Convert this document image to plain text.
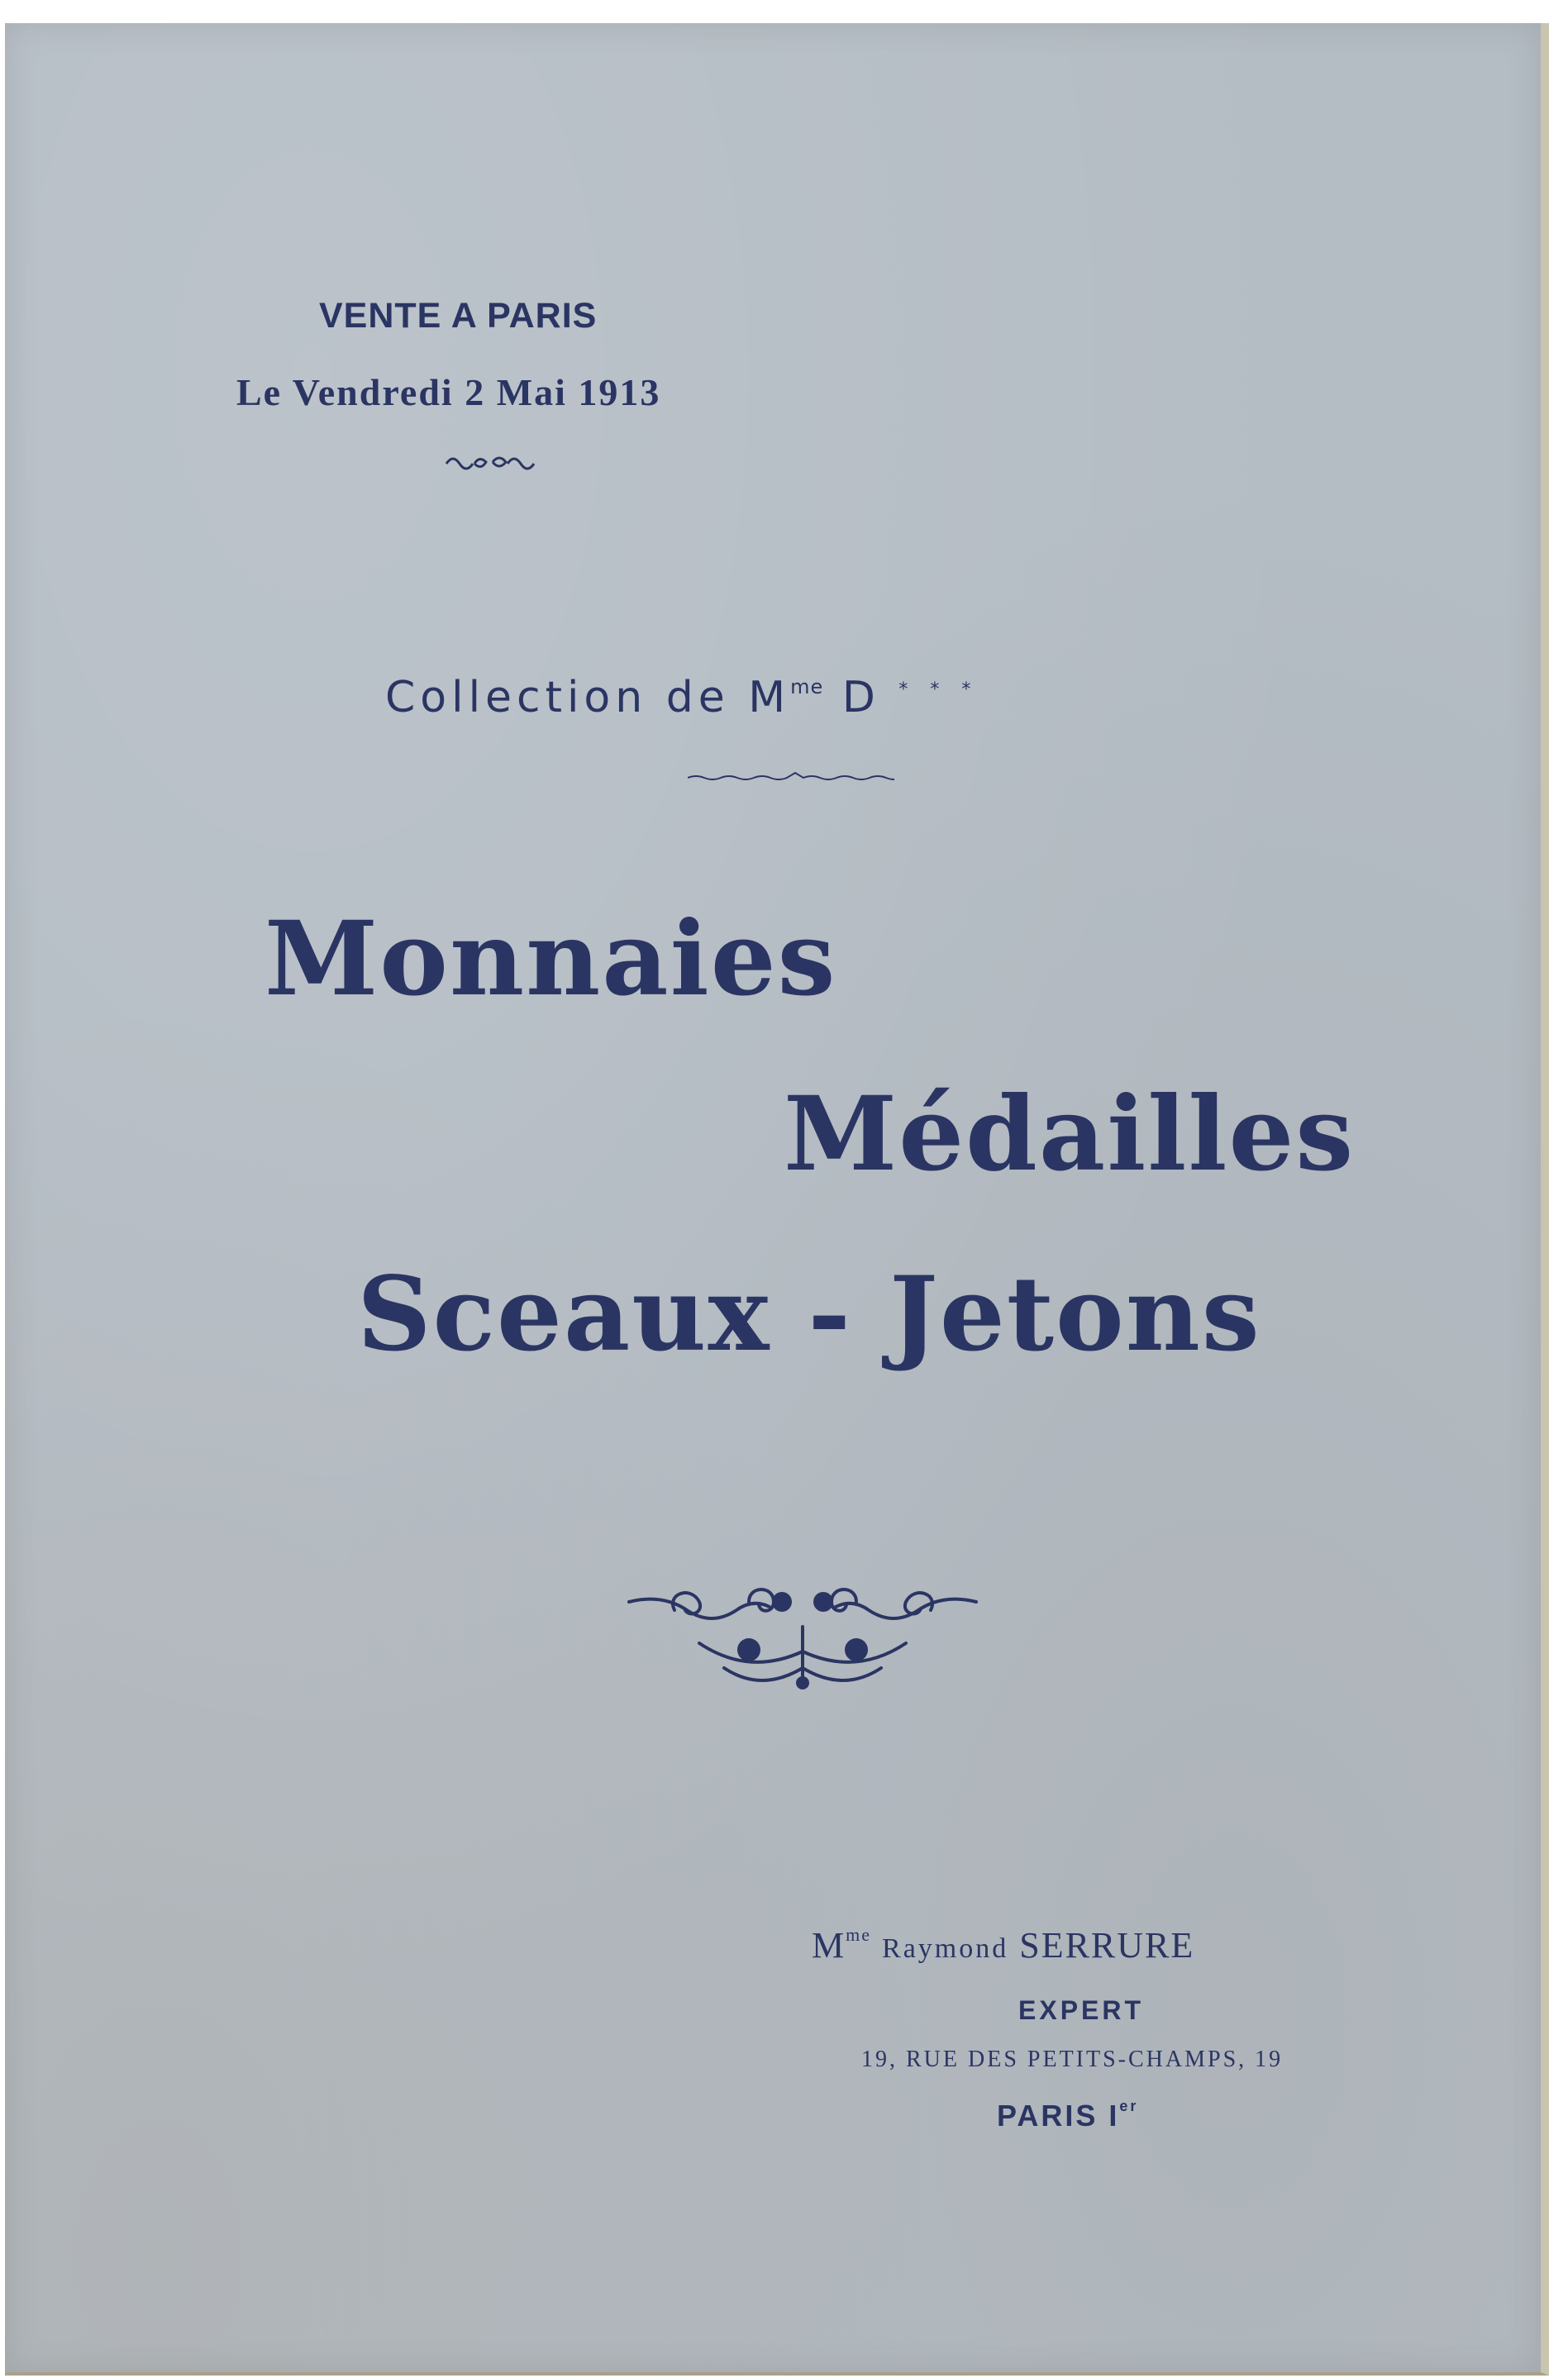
VENTE A PARIS
Le Vendredi 2 Mai 1913
Collection de $M^{me}$ D * * *
Monnaies
Médailles
Sceaux - Jetons
$M^{me}$ Raymond SERRURE
EXPERT
19, RUE DES PETITS-CHAMPS, 19
PARIS Ier
